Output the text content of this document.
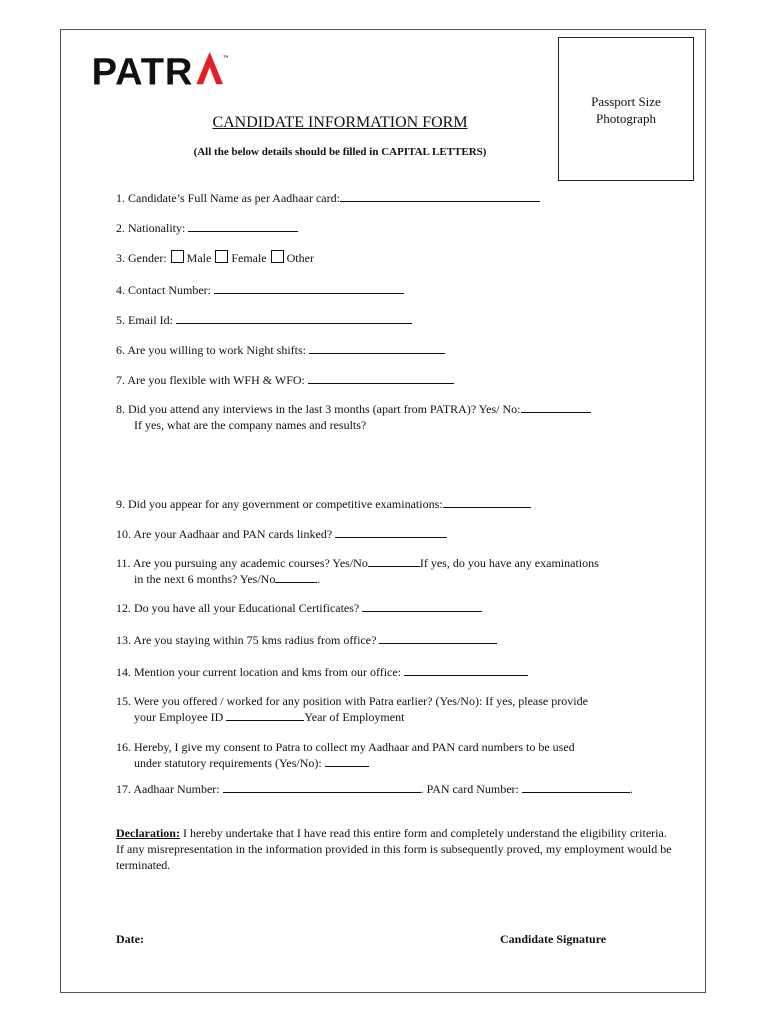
PATR	™
Passport Size
Photograph
CANDIDATE INFORMATION FORM
(All the below details should be filled in CAPITAL LETTERS)
1. Candidate’s Full Name as per Aadhaar card:
2. Nationality:
3. Gender: Male Female Other
4. Contact Number:
5. Email Id:
6. Are you willing to work Night shifts:
7. Are you flexible with WFH & WFO:
8. Did you attend any interviews in the last 3 months (apart from PATRA)? Yes/ No:
If yes, what are the company names and results?
9. Did you appear for any government or competitive examinations:
10. Are your Aadhaar and PAN cards linked?
11. Are you pursuing any academic courses? Yes/No	If yes, do you have any examinations
in the next 6 months? Yes/No	.
12. Do you have all your Educational Certificates?
13. Are you staying within 75 kms radius from office?
14. Mention your current location and kms from our office:
15. Were you offered / worked for any position with Patra earlier? (Yes/No): If yes, please provide
your Employee ID	Year of Employment
16. Hereby, I give my consent to Patra to collect my Aadhaar and PAN card numbers to be used
under statutory requirements (Yes/No):
17. Aadhaar Number:	. PAN card Number:	.
Declaration: I hereby undertake that I have read this entire form and completely understand the eligibility criteria. If any misrepresentation in the information provided in this form is subsequently proved, my employment would be terminated.
Date:	Candidate Signature
